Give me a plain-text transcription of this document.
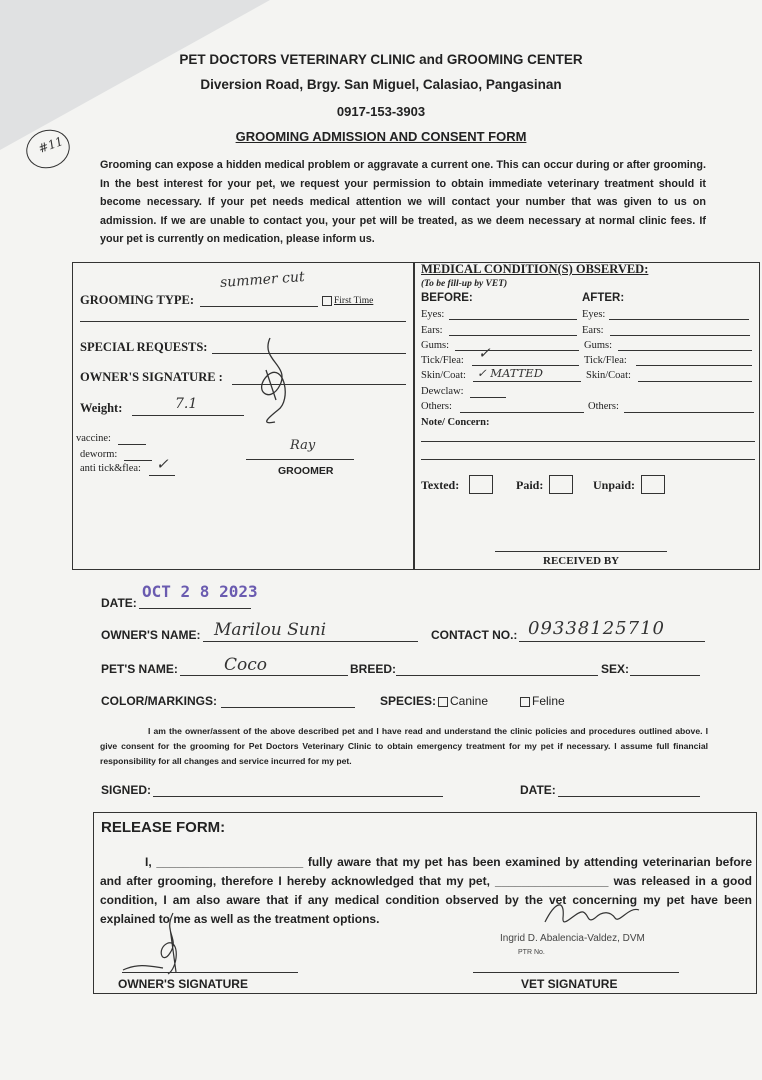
#11
PET DOCTORS VETERINARY CLINIC and GROOMING CENTER
Diversion Road, Brgy. San Miguel, Calasiao, Pangasinan
0917-153-3903
GROOMING ADMISSION AND CONSENT FORM
Grooming can expose a hidden medical problem or aggravate a current one. This can occur during or after grooming. In the best interest for your pet, we request your permission to obtain immediate veterinary treatment should it become necessary. If your pet needs medical attention we will contact your number that was given to us on admission. If we are unable to contact you, your pet will be treated, as we deem necessary at normal clinic fees. If your pet is currently on medication, please inform us.
summer cut
GROOMING TYPE:	First Time
SPECIAL REQUESTS:
OWNER'S SIGNATURE :
Weight:	7.1
vaccine:
deworm:
anti tick&flea: ✓
Ray
GROOMER
MEDICAL CONDITION(S) OBSERVED:
(To be fill-up by VET)
BEFORE:	AFTER:
Eyes:	Eyes:
Ears:	Ears:
Gums:	Gums:
Tick/Flea: ✓	Tick/Flea:
Skin/Coat: ✓ MATTED	Skin/Coat:
Dewclaw:
Others:	Others:
Note/ Concern:
Texted:	Paid:	Unpaid:
RECEIVED BY
DATE:
OCT 2 8 2023
OWNER'S NAME: Marilou Suni	CONTACT NO.: 09338125710
PET'S NAME:	Coco	BREED:	SEX:
COLOR/MARKINGS:	SPECIES:	Canine	Feline
I am the owner/assent of the above described pet and I have read and understand the clinic policies and procedures outlined above. I give consent for the grooming for Pet Doctors Veterinary Clinic to obtain emergency treatment for my pet if necessary. I assume full financial responsibility for all changes and service incurred for my pet.
SIGNED:	DATE:
RELEASE FORM:
I, ______________________ fully aware that my pet has been examined by attending veterinarian before and after grooming, therefore I hereby acknowledged that my pet, _________________ was released in a good condition, I am also aware that if any medical condition observed by the vet concerning my pet have been explained to me as well as the treatment options.
OWNER'S SIGNATURE
Ingrid D. Abalencia-Valdez, DVM
PTR No.
VET SIGNATURE
